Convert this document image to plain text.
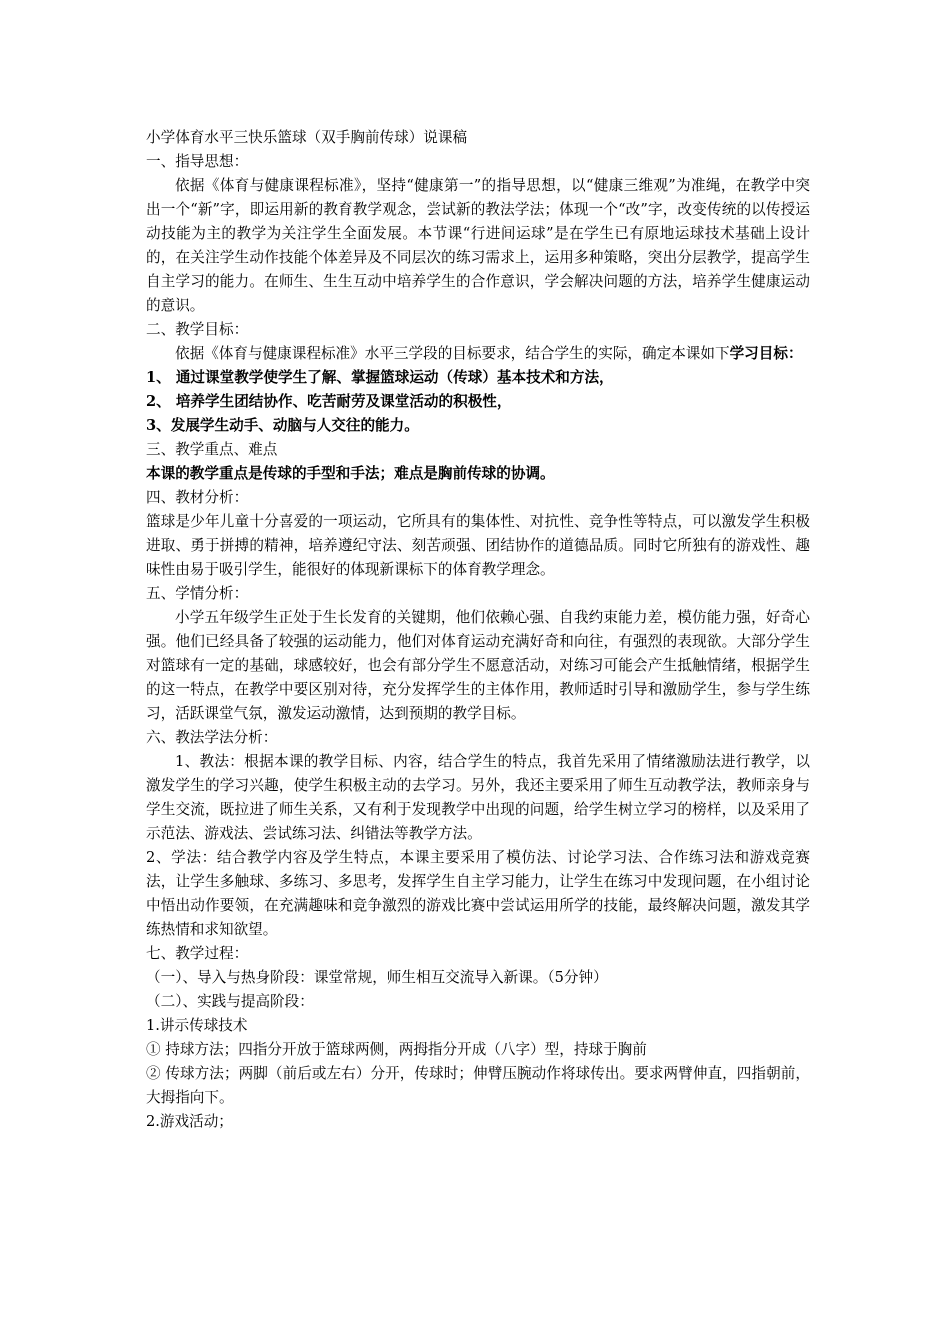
小学体育水平三快乐篮球（双手胸前传球）说课稿

一、指导思想：

依据《体育与健康课程标准》，坚持“健康第一”的指导思想，以“健康三维观”为准绳，在教学中突出一个“新”字，即运用新的教育教学观念，尝试新的教法学法；体现一个“改”字，改变传统的以传授运动技能为主的教学为关注学生全面发展。本节课“行进间运球”是在学生已有原地运球技术基础上设计的，在关注学生动作技能个体差异及不同层次的练习需求上，运用多种策略，突出分层教学，提高学生自主学习的能力。在师生、生生互动中培养学生的合作意识，学会解决问题的方法，培养学生健康运动的意识。

二、教学目标：

依据《体育与健康课程标准》水平三学段的目标要求，结合学生的实际，确定本课如下学习目标：

1、 通过课堂教学使学生了解、掌握篮球运动（传球）基本技术和方法，

2、 培养学生团结协作、吃苦耐劳及课堂活动的积极性，

3、发展学生动手、动脑与人交往的能力。

三、教学重点、难点

本课的教学重点是传球的手型和手法；难点是胸前传球的协调。

四、教材分析：

篮球是少年儿童十分喜爱的一项运动，它所具有的集体性、对抗性、竞争性等特点，可以激发学生积极进取、勇于拼搏的精神，培养遵纪守法、刻苦顽强、团结协作的道德品质。同时它所独有的游戏性、趣味性由易于吸引学生，能很好的体现新课标下的体育教学理念。

五、学情分析：

小学五年级学生正处于生长发育的关键期，他们依赖心强、自我约束能力差，模仿能力强，好奇心强。他们已经具备了较强的运动能力，他们对体育运动充满好奇和向往，有强烈的表现欲。大部分学生对篮球有一定的基础，球感较好，也会有部分学生不愿意活动，对练习可能会产生抵触情绪，根据学生的这一特点，在教学中要区别对待，充分发挥学生的主体作用，教师适时引导和激励学生，参与学生练习，活跃课堂气氛，激发运动激情，达到预期的教学目标。

六、教法学法分析：

1、教法：根据本课的教学目标、内容，结合学生的特点，我首先采用了情绪激励法进行教学，以激发学生的学习兴趣，使学生积极主动的去学习。另外，我还主要采用了师生互动教学法，教师亲身与学生交流，既拉进了师生关系，又有利于发现教学中出现的问题，给学生树立学习的榜样，以及采用了示范法、游戏法、尝试练习法、纠错法等教学方法。

2、学法：结合教学内容及学生特点，本课主要采用了模仿法、讨论学习法、合作练习法和游戏竞赛法，让学生多触球、多练习、多思考，发挥学生自主学习能力，让学生在练习中发现问题，在小组讨论中悟出动作要领，在充满趣味和竞争激烈的游戏比赛中尝试运用所学的技能，最终解决问题，激发其学练热情和求知欲望。

七、教学过程：

（一）、导入与热身阶段：课堂常规，师生相互交流导入新课。（5分钟）

（二）、实践与提高阶段：

1.讲示传球技术

① 持球方法；四指分开放于篮球两侧，两拇指分开成（八字）型，持球于胸前

② 传球方法；两脚（前后或左右）分开，传球时；伸臂压腕动作将球传出。要求两臂伸直，四指朝前，大拇指向下。

2.游戏活动；
